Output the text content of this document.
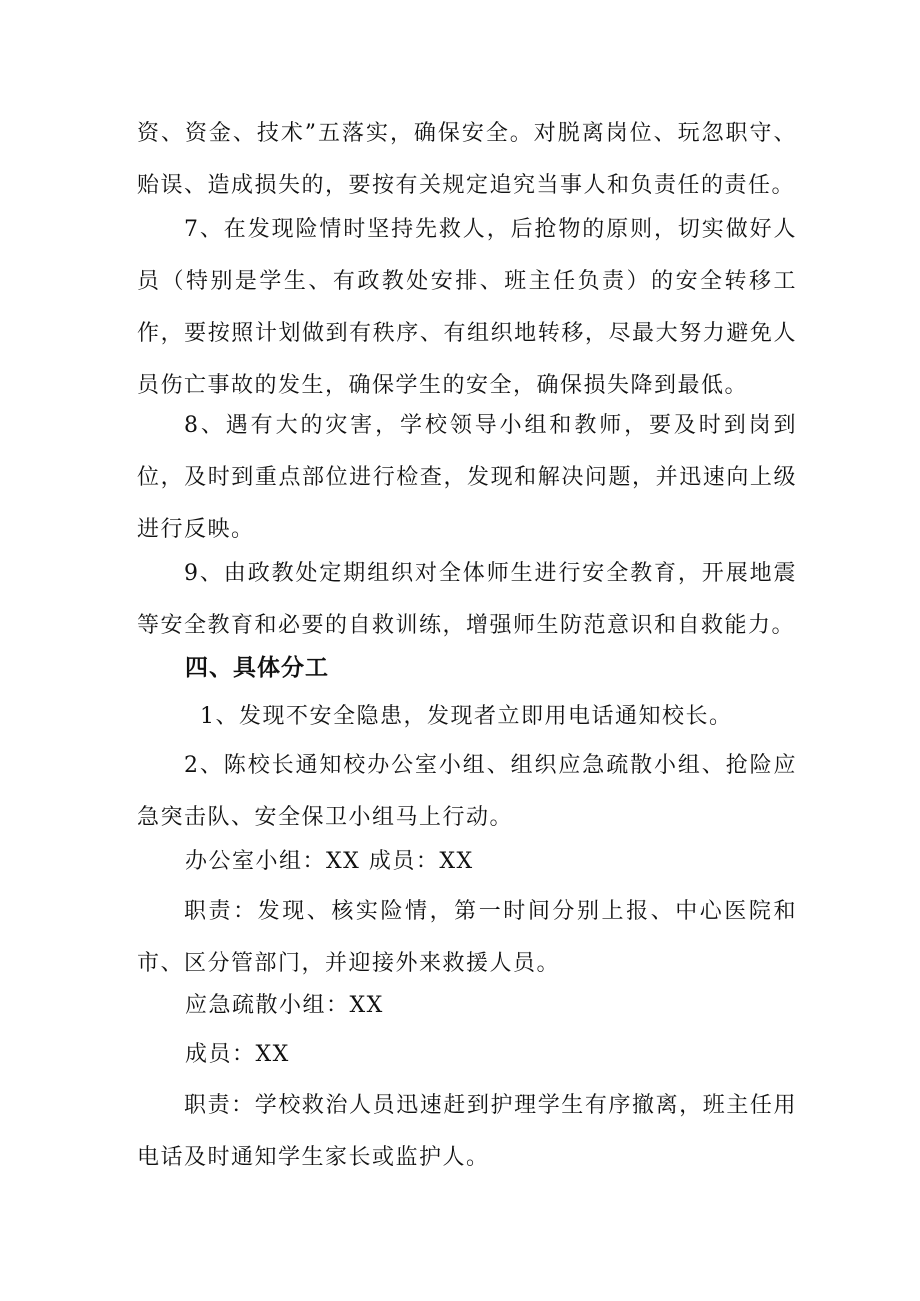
资、资金、技术”五落实，确保安全。对脱离岗位、玩忽职守、贻误、造成损失的，要按有关规定追究当事人和负责任的责任。

7、在发现险情时坚持先救人，后抢物的原则，切实做好人员（特别是学生、有政教处安排、班主任负责）的安全转移工作，要按照计划做到有秩序、有组织地转移，尽最大努力避免人员伤亡事故的发生，确保学生的安全，确保损失降到最低。

8、遇有大的灾害，学校领导小组和教师，要及时到岗到位，及时到重点部位进行检查，发现和解决问题，并迅速向上级进行反映。

9、由政教处定期组织对全体师生进行安全教育，开展地震等安全教育和必要的自救训练，增强师生防范意识和自救能力。

四、具体分工

1、发现不安全隐患，发现者立即用电话通知校长。

2、陈校长通知校办公室小组、组织应急疏散小组、抢险应急突击队、安全保卫小组马上行动。

办公室小组：XX 成员：XX

职责：发现、核实险情，第一时间分别上报、中心医院和市、区分管部门，并迎接外来救援人员。

应急疏散小组：XX

成员：XX

职责：学校救治人员迅速赶到护理学生有序撤离，班主任用电话及时通知学生家长或监护人。
